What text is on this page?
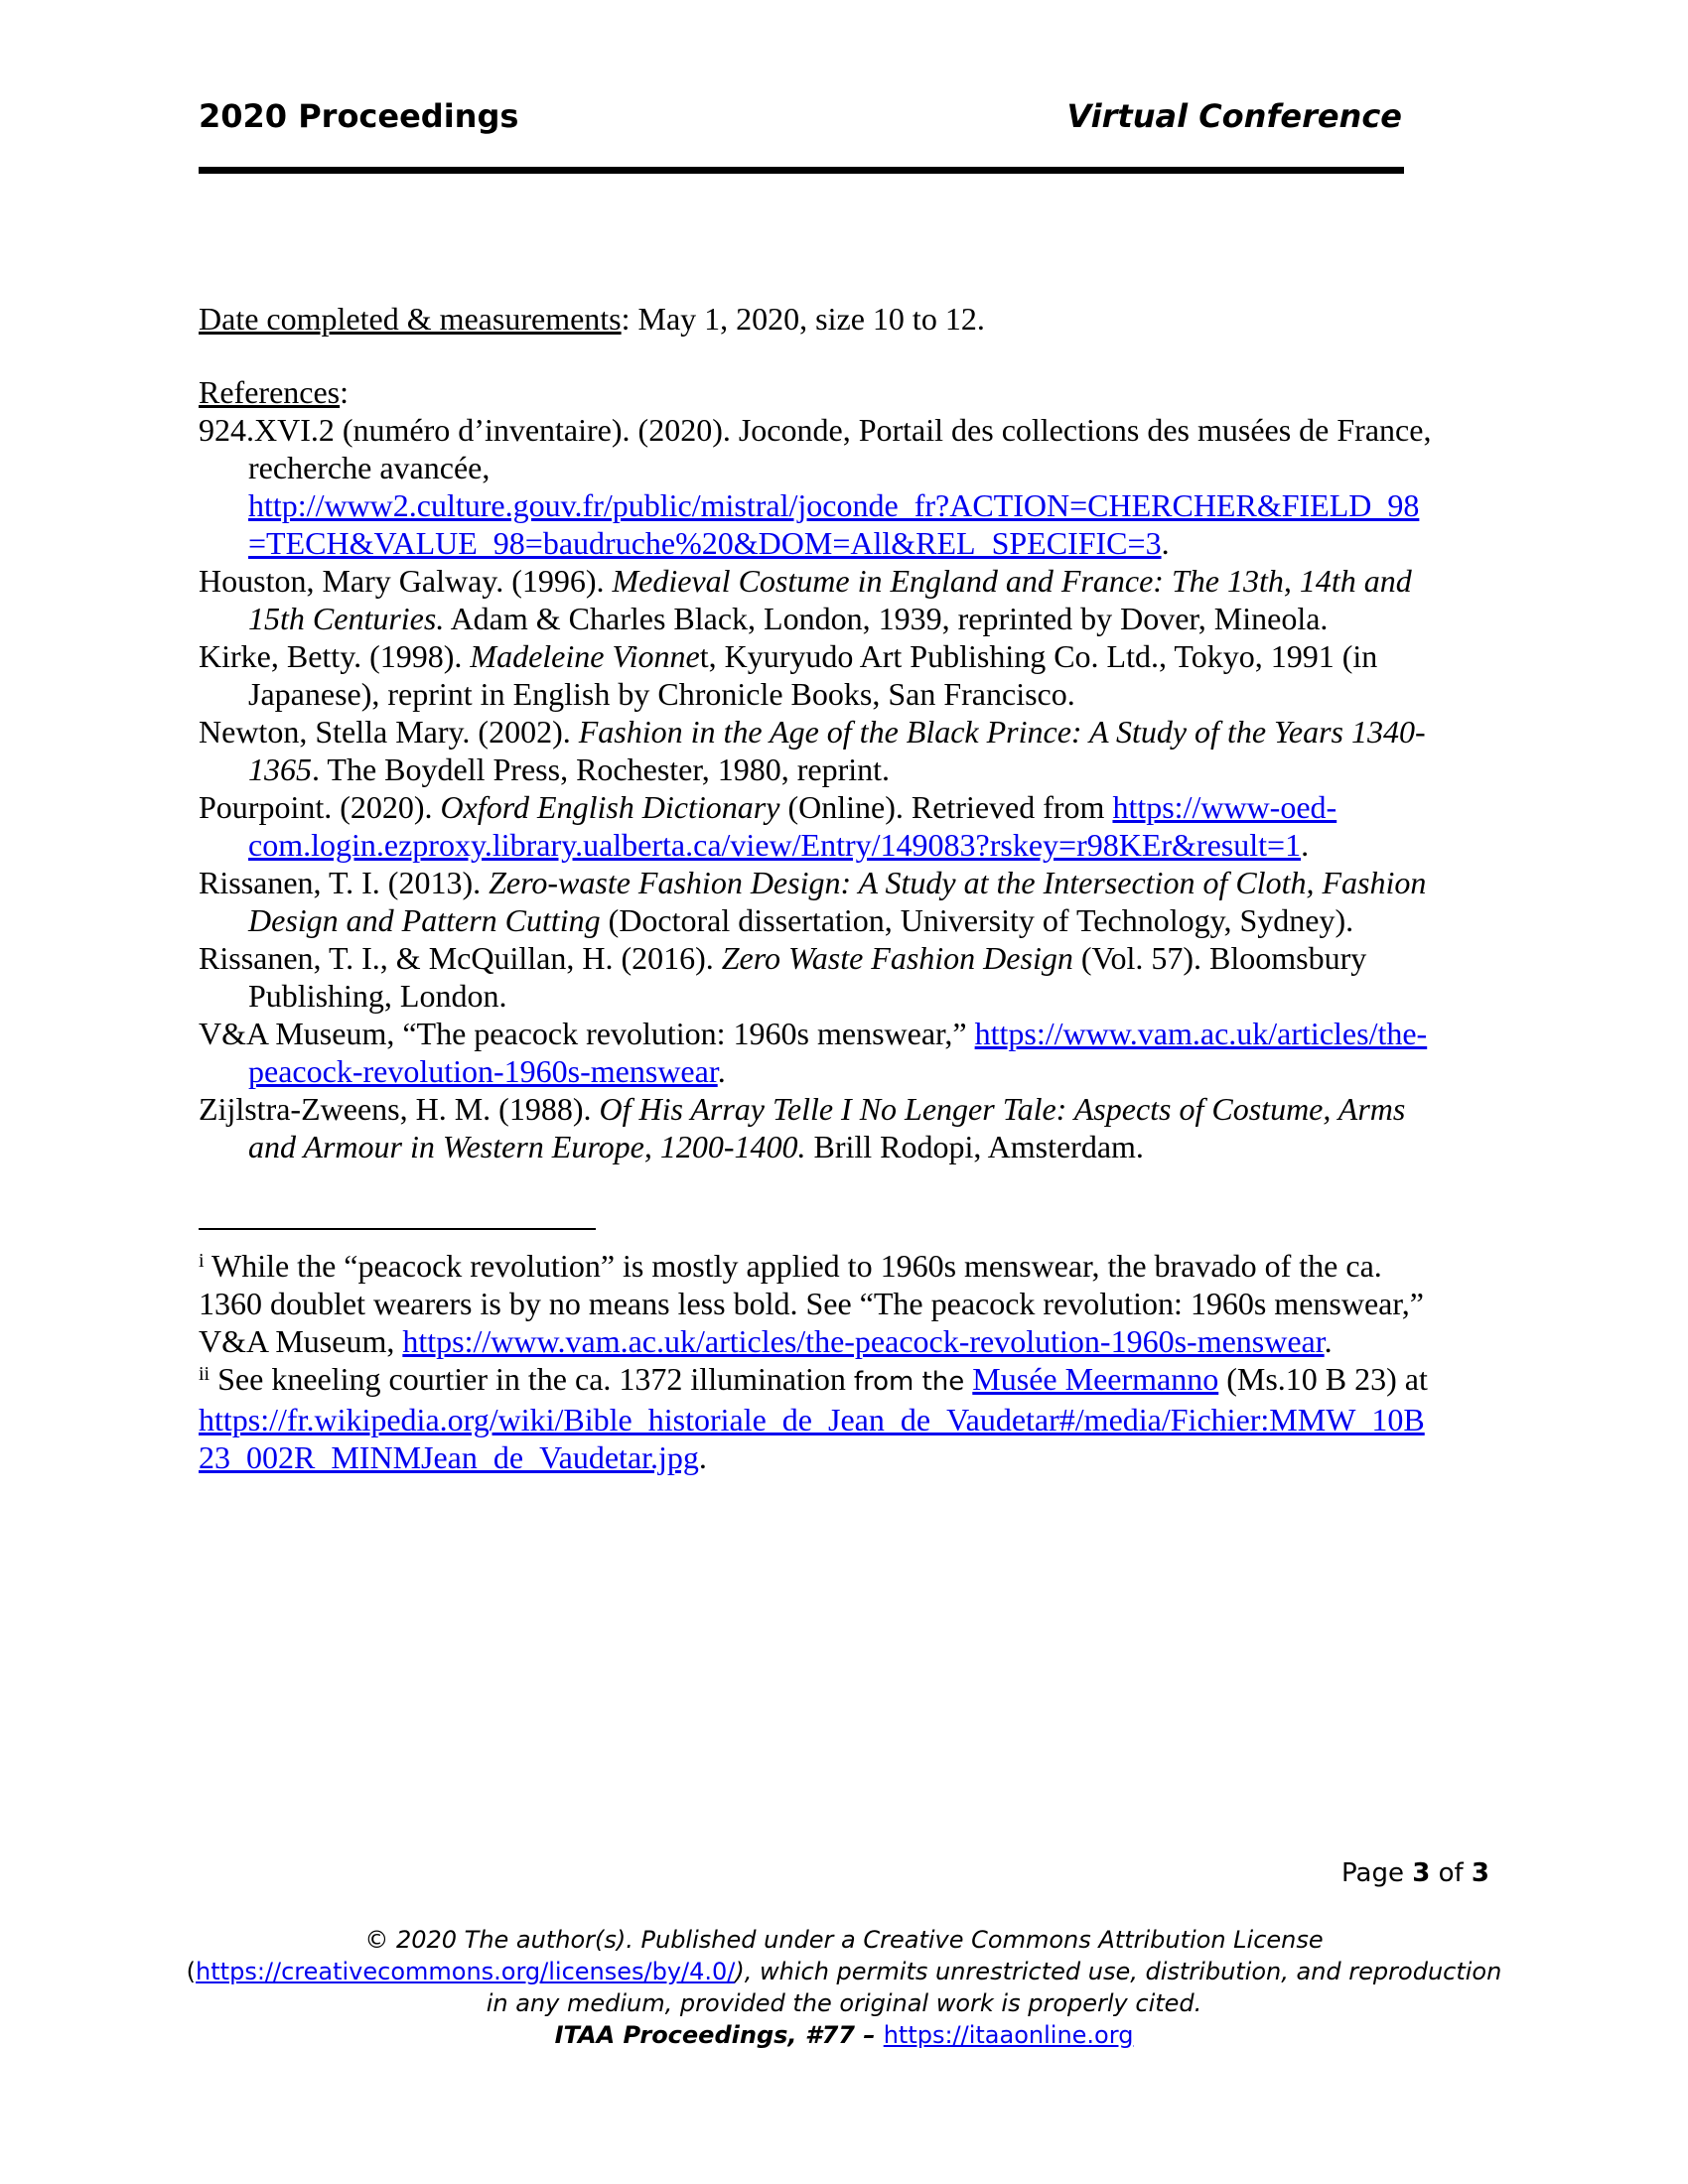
2020 Proceedings	Virtual Conference
Date completed & measurements: May 1, 2020, size 10 to 12.
References:
924.XVI.2 (numéro d’inventaire). (2020). Joconde, Portail des collections des musées de France,
recherche avancée,
http://www2.culture.gouv.fr/public/mistral/joconde_fr?ACTION=CHERCHER&FIELD_98
=TECH&VALUE_98=baudruche%20&DOM=All&REL_SPECIFIC=3.
Houston, Mary Galway. (1996). Medieval Costume in England and France: The 13th, 14th and
15th Centuries. Adam & Charles Black, London, 1939, reprinted by Dover, Mineola.
Kirke, Betty. (1998). Madeleine Vionnet, Kyuryudo Art Publishing Co. Ltd., Tokyo, 1991 (in
Japanese), reprint in English by Chronicle Books, San Francisco.
Newton, Stella Mary. (2002). Fashion in the Age of the Black Prince: A Study of the Years 1340-
1365. The Boydell Press, Rochester, 1980, reprint.
Pourpoint. (2020). Oxford English Dictionary (Online). Retrieved from https://www-oed-
com.login.ezproxy.library.ualberta.ca/view/Entry/149083?rskey=r98KEr&result=1.
Rissanen, T. I. (2013). Zero-waste Fashion Design: A Study at the Intersection of Cloth, Fashion
Design and Pattern Cutting (Doctoral dissertation, University of Technology, Sydney).
Rissanen, T. I., & McQuillan, H. (2016). Zero Waste Fashion Design (Vol. 57). Bloomsbury
Publishing, London.
V&A Museum, “The peacock revolution: 1960s menswear,” https://www.vam.ac.uk/articles/the-
peacock-revolution-1960s-menswear.
Zijlstra-Zweens, H. M. (1988). Of His Array Telle I No Lenger Tale: Aspects of Costume, Arms
and Armour in Western Europe, 1200-1400. Brill Rodopi, Amsterdam.
$^i$ While the “peacock revolution” is mostly applied to 1960s menswear, the bravado of the ca.
1360 doublet wearers is by no means less bold. See “The peacock revolution: 1960s menswear,”
V&A Museum, https://www.vam.ac.uk/articles/the-peacock-revolution-1960s-menswear.
$^{ii}$ See kneeling courtier in the ca. 1372 illumination from the Musée Meermanno (Ms.10 B 23) at
https://fr.wikipedia.org/wiki/Bible_historiale_de_Jean_de_Vaudetar#/media/Fichier:MMW_10B
23_002R_MINMJean_de_Vaudetar.jpg.
Page 3 of 3
© 2020 The author(s). Published under a Creative Commons Attribution License
(https://creativecommons.org/licenses/by/4.0/), which permits unrestricted use, distribution, and reproduction
in any medium, provided the original work is properly cited.
ITAA Proceedings, #77 – https://itaaonline.org
